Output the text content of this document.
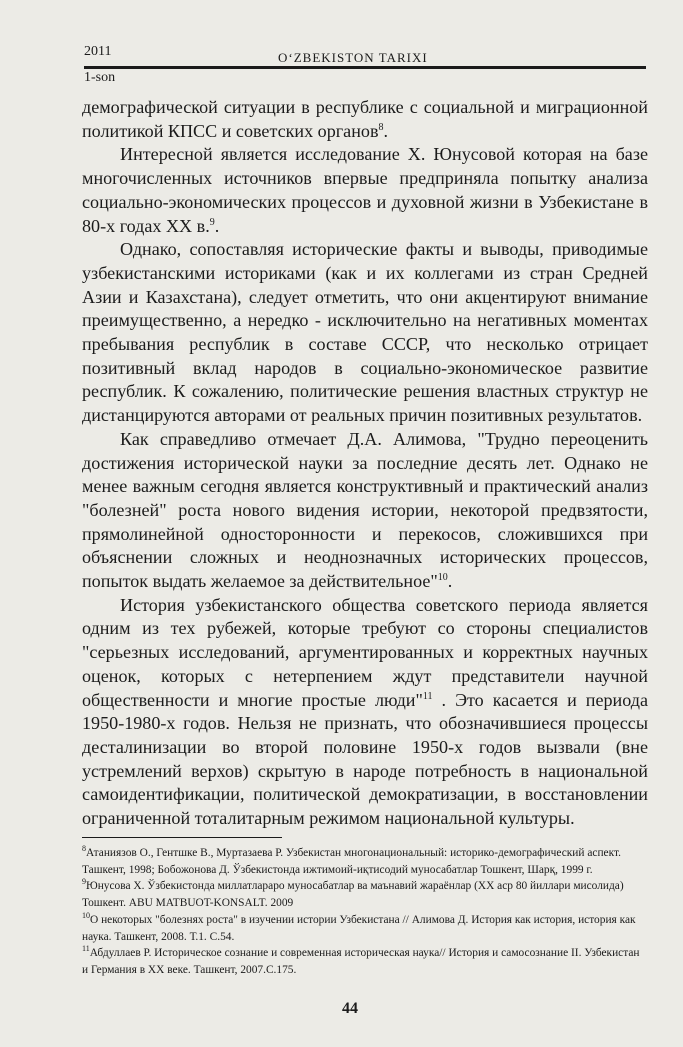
2011	O‘ZBEKISTON TARIXI
1-son

демографической ситуации в республике с социальной и миграционной политикой КПСС и советских органов$^8$.

Интересной является исследование Х. Юнусовой которая на базе многочисленных источников впервые предприняла попытку анализа социально-экономических процессов и духовной жизни в Узбекистане в 80-х годах XX в.$^9$.

Однако, сопоставляя исторические факты и выводы, приводимые узбекистанскими историками (как и их коллегами из стран Средней Азии и Казахстана), следует отметить, что они акцентируют внимание преимущественно, а нередко - исключительно на негативных моментах пребывания республик в составе СССР, что несколько отрицает позитивный вклад народов в социально-экономическое развитие республик. К сожалению, политические решения властных структур не дистанцируются авторами от реальных причин позитивных результатов.

Как справедливо отмечает Д.А. Алимова, "Трудно переоценить достижения исторической науки за последние десять лет. Однако не менее важным сегодня является конструктивный и практический анализ "болезней" роста нового видения истории, некоторой предвзятости, прямолинейной односторонности и перекосов, сложившихся при объяснении сложных и неоднозначных исторических процессов, попыток выдать желаемое за действительное"$^{10}$.

История узбекистанского общества советского периода является одним из тех рубежей, которые требуют со стороны специалистов "серьезных исследований, аргументированных и корректных научных оценок, которых с нетерпением ждут представители научной общественности и многие простые люди"$^{11}$ . Это касается и периода 1950-1980-х годов. Нельзя не признать, что обозначившиеся процессы десталинизации во второй половине 1950-х годов вызвали (вне устремлений верхов) скрытую в народе потребность в национальной самоидентификации, политической демократизации, в восстановлении ограниченной тоталитарным режимом национальной культуры.

$^8$Атаниязов О., Гентшке В., Муртазаева Р. Узбекистан многонациональный: историко-демографический аспект. Ташкент, 1998; Бобожонова Д. Ўзбекистонда ижтимоий-иқтисодий муносабатлар Тошкент, Шарқ, 1999 г.
$^9$Юнусова Х. Ўзбекистонда миллатлараро муносабатлар ва маънавий жараёнлар (XX аср 80 йиллари мисолида) Тошкент. ABU MATBUOT-KONSALT. 2009
$^{10}$О некоторых "болезнях роста" в изучении истории Узбекистана // Алимова Д. История как история, история как наука. Ташкент, 2008. Т.1. С.54.
$^{11}$Абдуллаев Р. Историческое сознание и современная историческая наука// История и самосознание II. Узбекистан и Германия в XX веке. Ташкент, 2007.С.175.
44
